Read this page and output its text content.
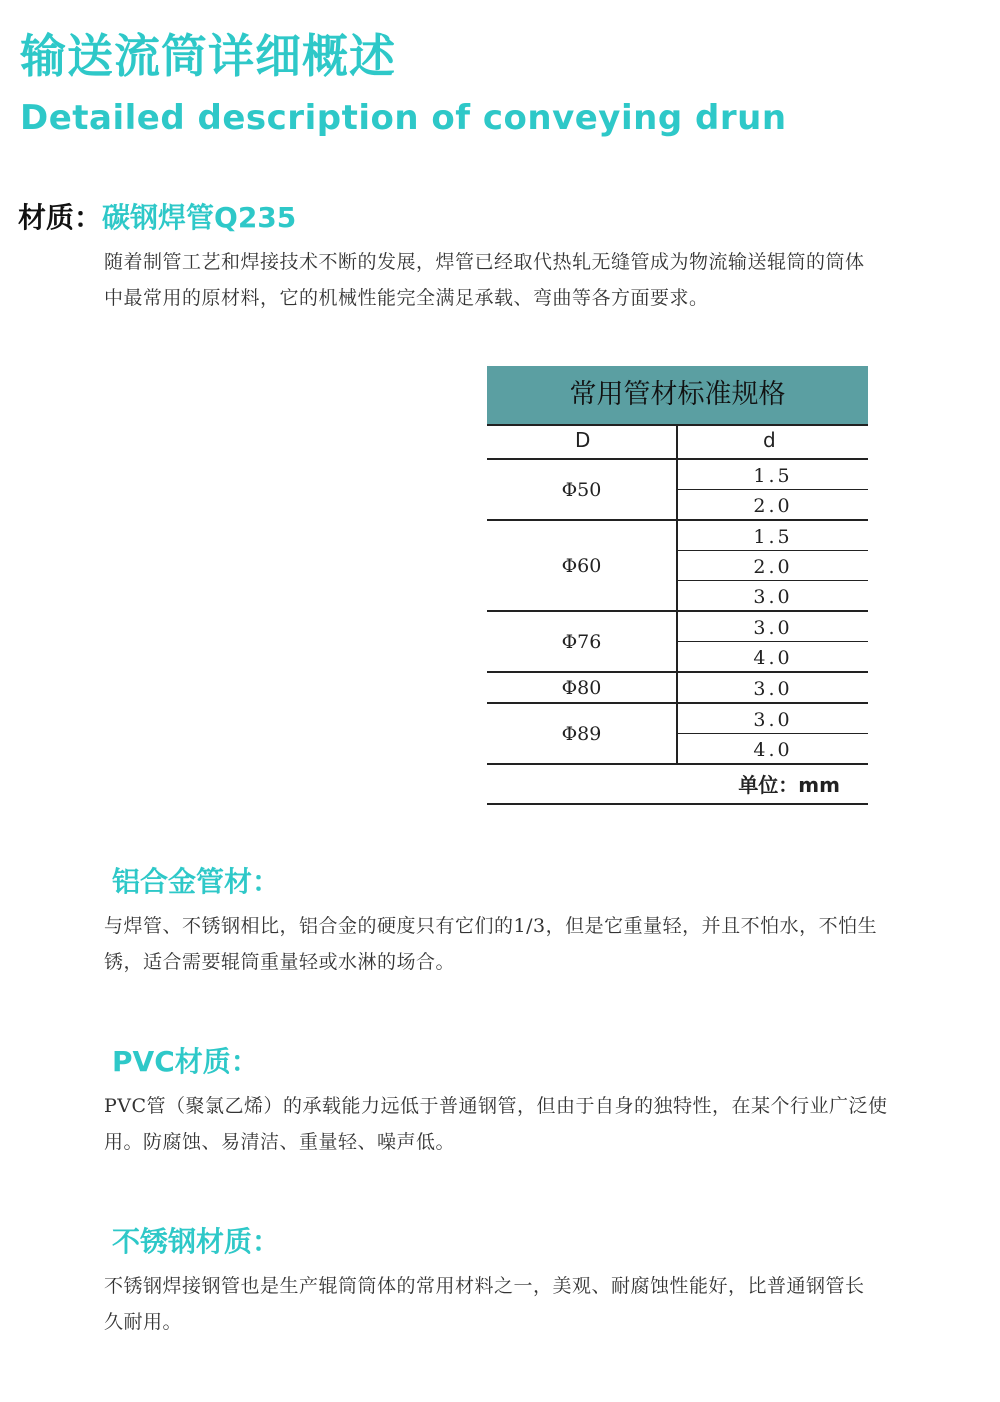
输送流筒详细概述
Detailed description of conveying drun
材质：碳钢焊管Q235

随着制管工艺和焊接技术不断的发展，焊管已经取代热轧无缝管成为物流输送辊筒的筒体
中最常用的原材料，它的机械性能完全满足承载、弯曲等各方面要求。

常用管材标准规格
D	d
Φ50
1.5
2.0
Φ60
1.5
2.0
3.0
Φ76
3.0
4.0
Φ80	3.0
Φ89
3.0
4.0
单位：mm
铝合金管材：

与焊管、不锈钢相比，铝合金的硬度只有它们的1/3，但是它重量轻，并且不怕水，不怕生
锈，适合需要辊筒重量轻或水淋的场合。

PVC材质：

PVC管（聚氯乙烯）的承载能力远低于普通钢管，但由于自身的独特性，在某个行业广泛使
用。防腐蚀、易清洁、重量轻、噪声低。

不锈钢材质：

不锈钢焊接钢管也是生产辊筒筒体的常用材料之一，美观、耐腐蚀性能好，比普通钢管长
久耐用。
